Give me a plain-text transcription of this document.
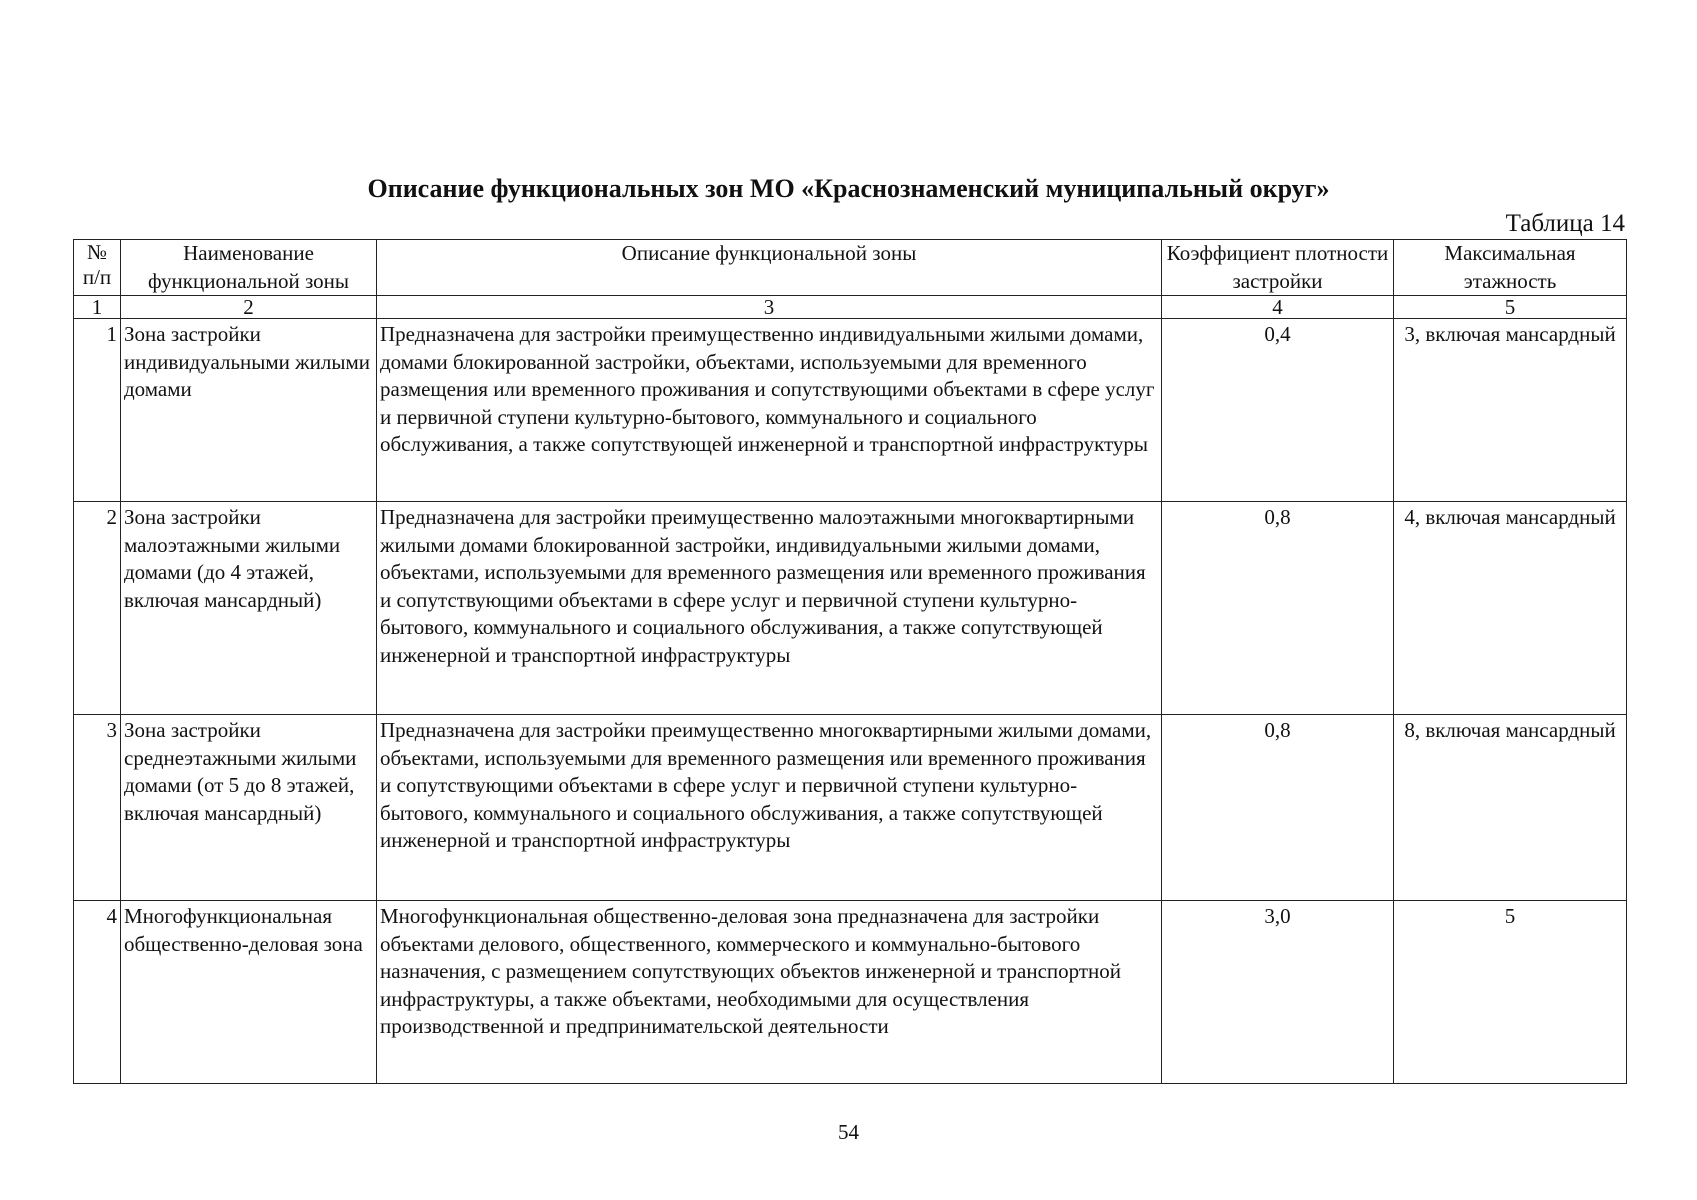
Описание функциональных зон МО «Краснознаменский муниципальный округ»
Таблица 14
№ п/п	Наименование функциональной зоны	Описание функциональной зоны	Коэффициент плотности застройки	Максимальная этажность
1	2	3	4	5
1	Зона застройки индивидуальными жилыми домами	Предназначена для застройки преимущественно индивидуальными жилыми домами, домами блокированной застройки, объектами, используемыми для временного размещения или временного проживания и сопутствующими объектами в сфере услуг и первичной ступени культурно-бытового, коммунального и социального обслуживания, а также сопутствующей инженерной и транспортной инфраструктуры	0,4	3, включая мансардный
2	Зона застройки малоэтажными жилыми домами (до 4 этажей, включая мансардный)	Предназначена для застройки преимущественно малоэтажными многоквартирными жилыми домами блокированной застройки, индивидуальными жилыми домами, объектами, используемыми для временного размещения или временного проживания и сопутствующими объектами в сфере услуг и первичной ступени культурно-бытового, коммунального и социального обслуживания, а также сопутствующей инженерной и транспортной инфраструктуры	0,8	4, включая мансардный
3	Зона застройки среднеэтажными жилыми домами (от 5 до 8 этажей, включая мансардный)	Предназначена для застройки преимущественно многоквартирными жилыми домами, объектами, используемыми для временного размещения или временного проживания и сопутствующими объектами в сфере услуг и первичной ступени культурно-бытового, коммунального и социального обслуживания, а также сопутствующей инженерной и транспортной инфраструктуры	0,8	8, включая мансардный
4	Многофункциональная общественно-деловая зона	Многофункциональная общественно-деловая зона предназначена для застройки объектами делового, общественного, коммерческого и коммунально-бытового назначения, с размещением сопутствующих объектов инженерной и транспортной инфраструктуры, а также объектами, необходимыми для осуществления производственной и предпринимательской деятельности	3,0	5
54
